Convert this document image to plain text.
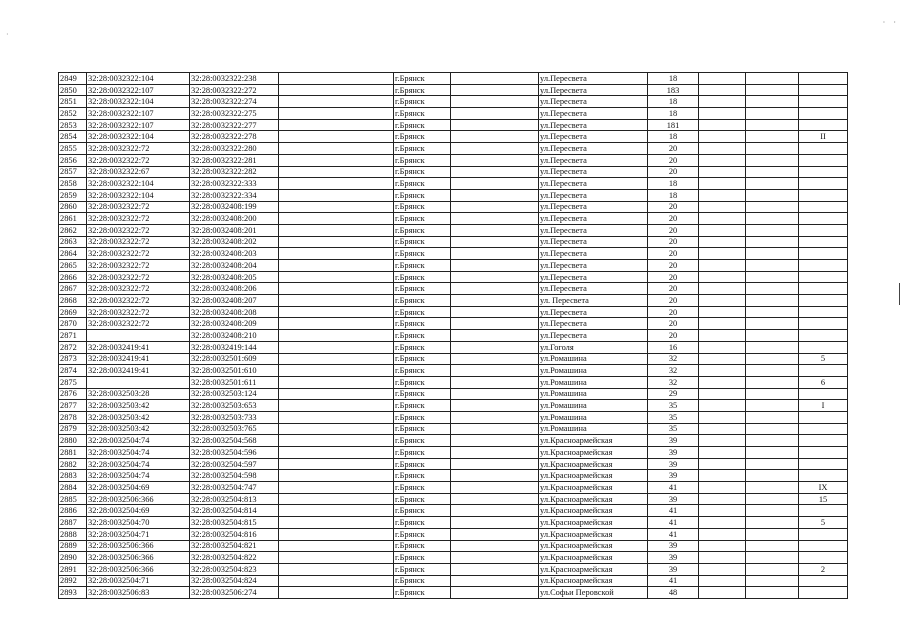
· ·
·
2849	32:28:0032322:104	32:28:0032322:238		г.Брянск		ул.Пересвета	18			
2850	32:28:0032322:107	32:28:0032322:272		г.Брянск		ул.Пересвета	183			
2851	32:28:0032322:104	32:28:0032322:274		г.Брянск		ул.Пересвета	18			
2852	32:28:0032322:107	32:28:0032322:275		г.Брянск		ул.Пересвета	18			
2853	32:28:0032322:107	32:28:0032322:277		г.Брянск		ул.Пересвета	181			
2854	32:28:0032322:104	32:28:0032322:278		г.Брянск		ул.Пересвета	18			II
2855	32:28:0032322:72	32:28:0032322:280		г.Брянск		ул.Пересвета	20			
2856	32:28:0032322:72	32:28:0032322:281		г.Брянск		ул.Пересвета	20			
2857	32:28:0032322:67	32:28:0032322:282		г.Брянск		ул.Пересвета	20			
2858	32:28:0032322:104	32:28:0032322:333		г.Брянск		ул.Пересвета	18			
2859	32:28:0032322:104	32:28:0032322:334		г.Брянск		ул.Пересвета	18			
2860	32:28:0032322:72	32:28:0032408:199		г.Брянск		ул.Пересвета	20			
2861	32:28:0032322:72	32:28:0032408:200		г.Брянск		ул.Пересвета	20			
2862	32:28:0032322:72	32:28:0032408:201		г.Брянск		ул.Пересвета	20			
2863	32:28:0032322:72	32:28:0032408:202		г.Брянск		ул.Пересвета	20			
2864	32:28:0032322:72	32:28:0032408:203		г.Брянск		ул.Пересвета	20			
2865	32:28:0032322:72	32:28:0032408:204		г.Брянск		ул.Пересвета	20			
2866	32:28:0032322:72	32:28:0032408:205		г.Брянск		ул.Пересвета	20			
2867	32:28:0032322:72	32:28:0032408:206		г.Брянск		ул.Пересвета	20			
2868	32:28:0032322:72	32:28:0032408:207		г.Брянск		ул. Пересвета	20			
2869	32:28:0032322:72	32:28:0032408:208		г.Брянск		ул.Пересвета	20			
2870	32:28:0032322:72	32:28:0032408:209		г.Брянск		ул.Пересвета	20			
2871		32:28:0032408:210		г.Брянск		ул.Пересвета	20			
2872	32:28:0032419:41	32:28:0032419:144		г.Брянск		ул.Гоголя	16			
2873	32:28:0032419:41	32:28:0032501:609		г.Брянск		ул.Ромашина	32			5
2874	32:28:0032419:41	32:28:0032501:610		г.Брянск		ул.Ромашина	32			
2875		32:28:0032501:611		г.Брянск		ул.Ромашина	32			6
2876	32:28:0032503:28	32:28:0032503:124		г.Брянск		ул.Ромашина	29			
2877	32:28:0032503:42	32:28:0032503:653		г.Брянск		ул.Ромашина	35			I
2878	32:28:0032503:42	32:28:0032503:733		г.Брянск		ул.Ромашина	35			
2879	32:28:0032503:42	32:28:0032503:765		г.Брянск		ул.Ромашина	35			
2880	32:28:0032504:74	32:28:0032504:568		г.Брянск		ул.Красноармейская	39			
2881	32:28:0032504:74	32:28:0032504:596		г.Брянск		ул.Красноармейская	39			
2882	32:28:0032504:74	32:28:0032504:597		г.Брянск		ул.Красноармейская	39			
2883	32:28:0032504:74	32:28:0032504:598		г.Брянск		ул.Красноармейская	39			
2884	32:28:0032504:69	32:28:0032504:747		г.Брянск		ул.Красноармейская	41			IX
2885	32:28:0032506:366	32:28:0032504:813		г.Брянск		ул.Красноармейская	39			15
2886	32:28:0032504:69	32:28:0032504:814		г.Брянск		ул.Красноармейская	41			
2887	32:28:0032504:70	32:28:0032504:815		г.Брянск		ул.Красноармейская	41			5
2888	32:28:0032504:71	32:28:0032504:816		г.Брянск		ул.Красноармейская	41			
2889	32:28:0032506:366	32:28:0032504:821		г.Брянск		ул.Красноармейская	39			
2890	32:28:0032506:366	32:28:0032504:822		г.Брянск		ул.Красноармейская	39			
2891	32:28:0032506:366	32:28:0032504:823		г.Брянск		ул.Красноармейская	39			2
2892	32:28:0032504:71	32:28:0032504:824		г.Брянск		ул.Красноармейская	41			
2893	32:28:0032506:83	32:28:0032506:274		г.Брянск		ул.Софьи Перовской	48			
